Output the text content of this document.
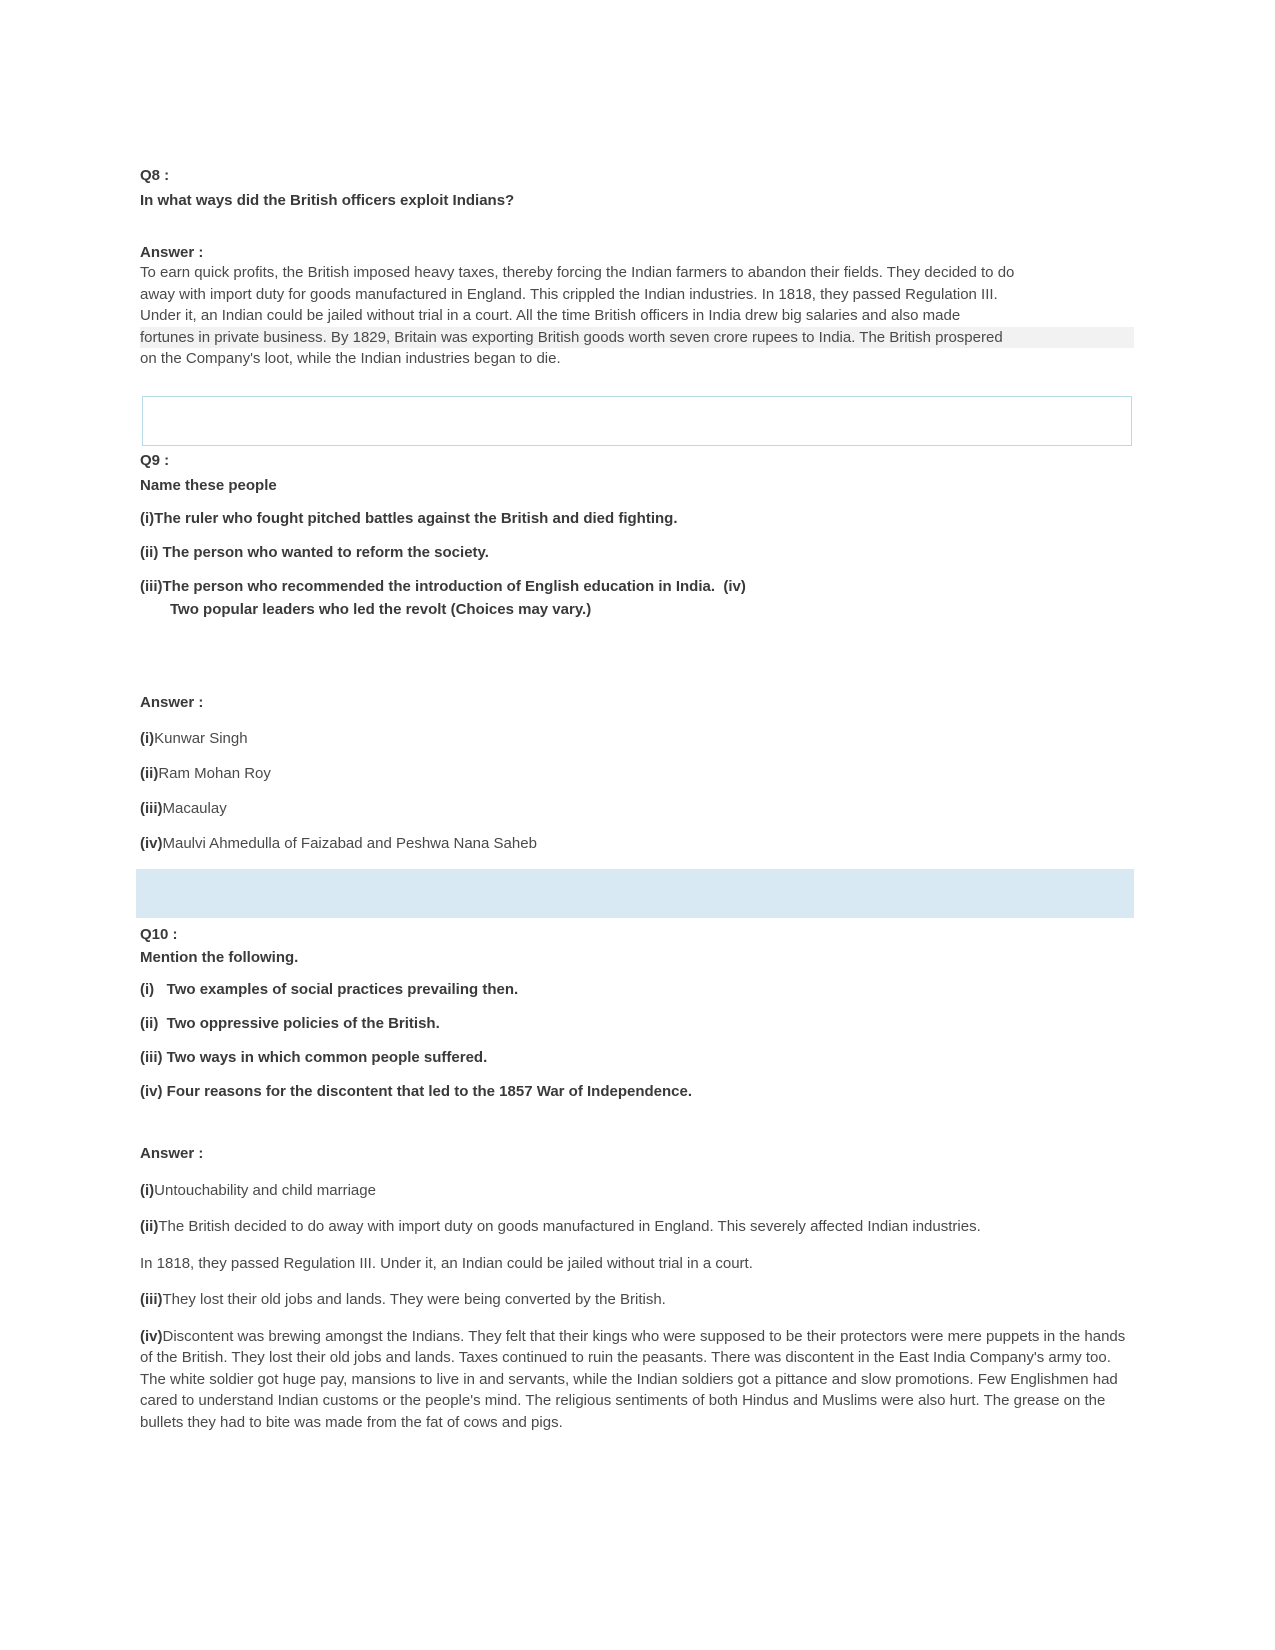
Q8 :
In what ways did the British officers exploit Indians?
Answer :
To earn quick profits, the British imposed heavy taxes, thereby forcing the Indian farmers to abandon their fields. They decided to do
away with import duty for goods manufactured in England. This crippled the Indian industries. In 1818, they passed Regulation III.
Under it, an Indian could be jailed without trial in a court. All the time British officers in India drew big salaries and also made
fortunes in private business. By 1829, Britain was exporting British goods worth seven crore rupees to India. The British prospered
on the Company's loot, while the Indian industries began to die.
Q9 :
Name these people
(i)The ruler who fought pitched battles against the British and died fighting.
(ii) The person who wanted to reform the society.
(iii)The person who recommended the introduction of English education in India.  (iv)
Two popular leaders who led the revolt (Choices may vary.)
Answer :
(i)Kunwar Singh
(ii)Ram Mohan Roy
(iii)Macaulay
(iv)Maulvi Ahmedulla of Faizabad and Peshwa Nana Saheb
Q10 :
Mention the following.
(i)   Two examples of social practices prevailing then.
(ii)  Two oppressive policies of the British.
(iii) Two ways in which common people suffered.
(iv) Four reasons for the discontent that led to the 1857 War of Independence.
Answer :
(i)Untouchability and child marriage
(ii)The British decided to do away with import duty on goods manufactured in England. This severely affected Indian industries.
In 1818, they passed Regulation III. Under it, an Indian could be jailed without trial in a court.
(iii)They lost their old jobs and lands. They were being converted by the British.
(iv)Discontent was brewing amongst the Indians. They felt that their kings who were supposed to be their protectors were mere puppets in the hands of the British. They lost their old jobs and lands. Taxes continued to ruin the peasants. There was discontent in the East India Company's army too. The white soldier got huge pay, mansions to live in and servants, while the Indian soldiers got a pittance and slow promotions. Few Englishmen had cared to understand Indian customs or the people's mind. The religious sentiments of both Hindus and Muslims were also hurt. The grease on the bullets they had to bite was made from the fat of cows and pigs.
